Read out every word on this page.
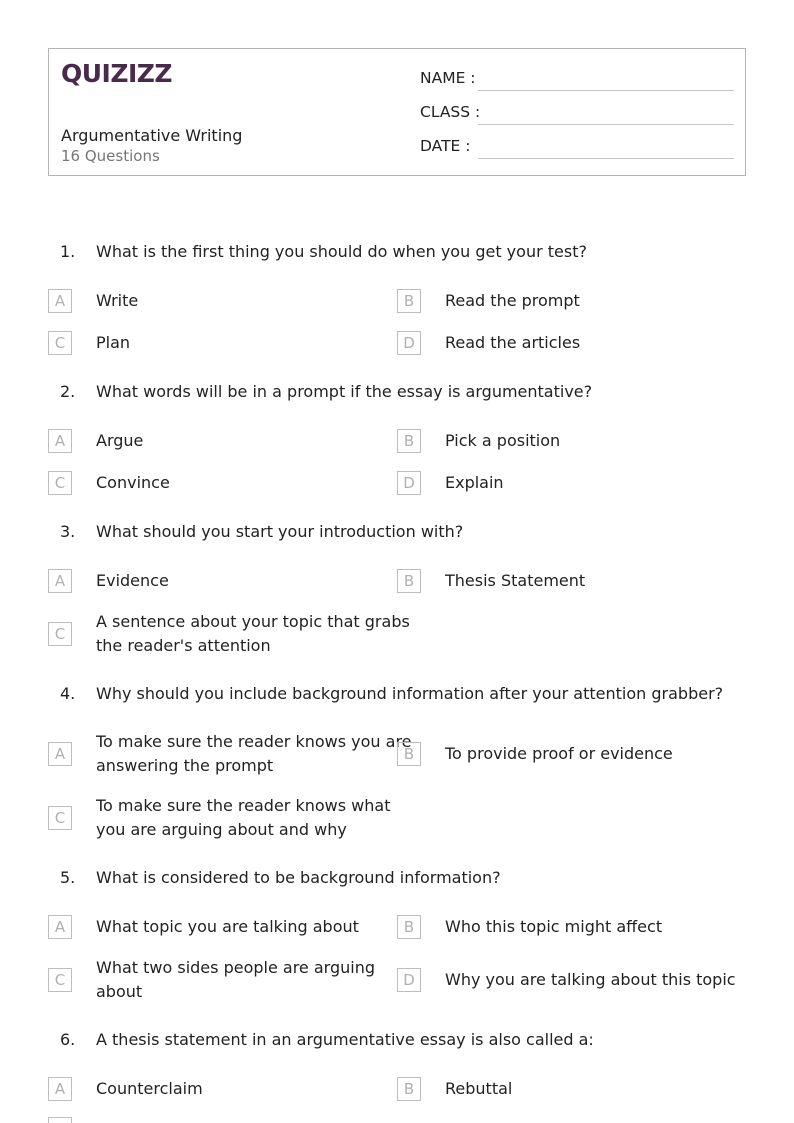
QUIZIZZ
Argumentative Writing
16 Questions
NAME :
CLASS :
DATE :
1. What is the first thing you should do when you get your test?
A	Write	B	Read the prompt
C	Plan	D	Read the articles
2. What words will be in a prompt if the essay is argumentative?
A	Argue	B	Pick a position
C	Convince	D	Explain
3. What should you start your introduction with?
A	Evidence	B	Thesis Statement
C
A sentence about your topic that grabs
the reader's attention
4. Why should you include background information after your attention grabber?
A
To make sure the reader knows you are
answering the prompt
B	To provide proof or evidence
C
To make sure the reader knows what
you are arguing about and why
5. What is considered to be background information?
A	What topic you are talking about	B	Who this topic might affect
C
What two sides people are arguing
about
D	Why you are talking about this topic
6. A thesis statement in an argumentative essay is also called a:
A	Counterclaim	B	Rebuttal
